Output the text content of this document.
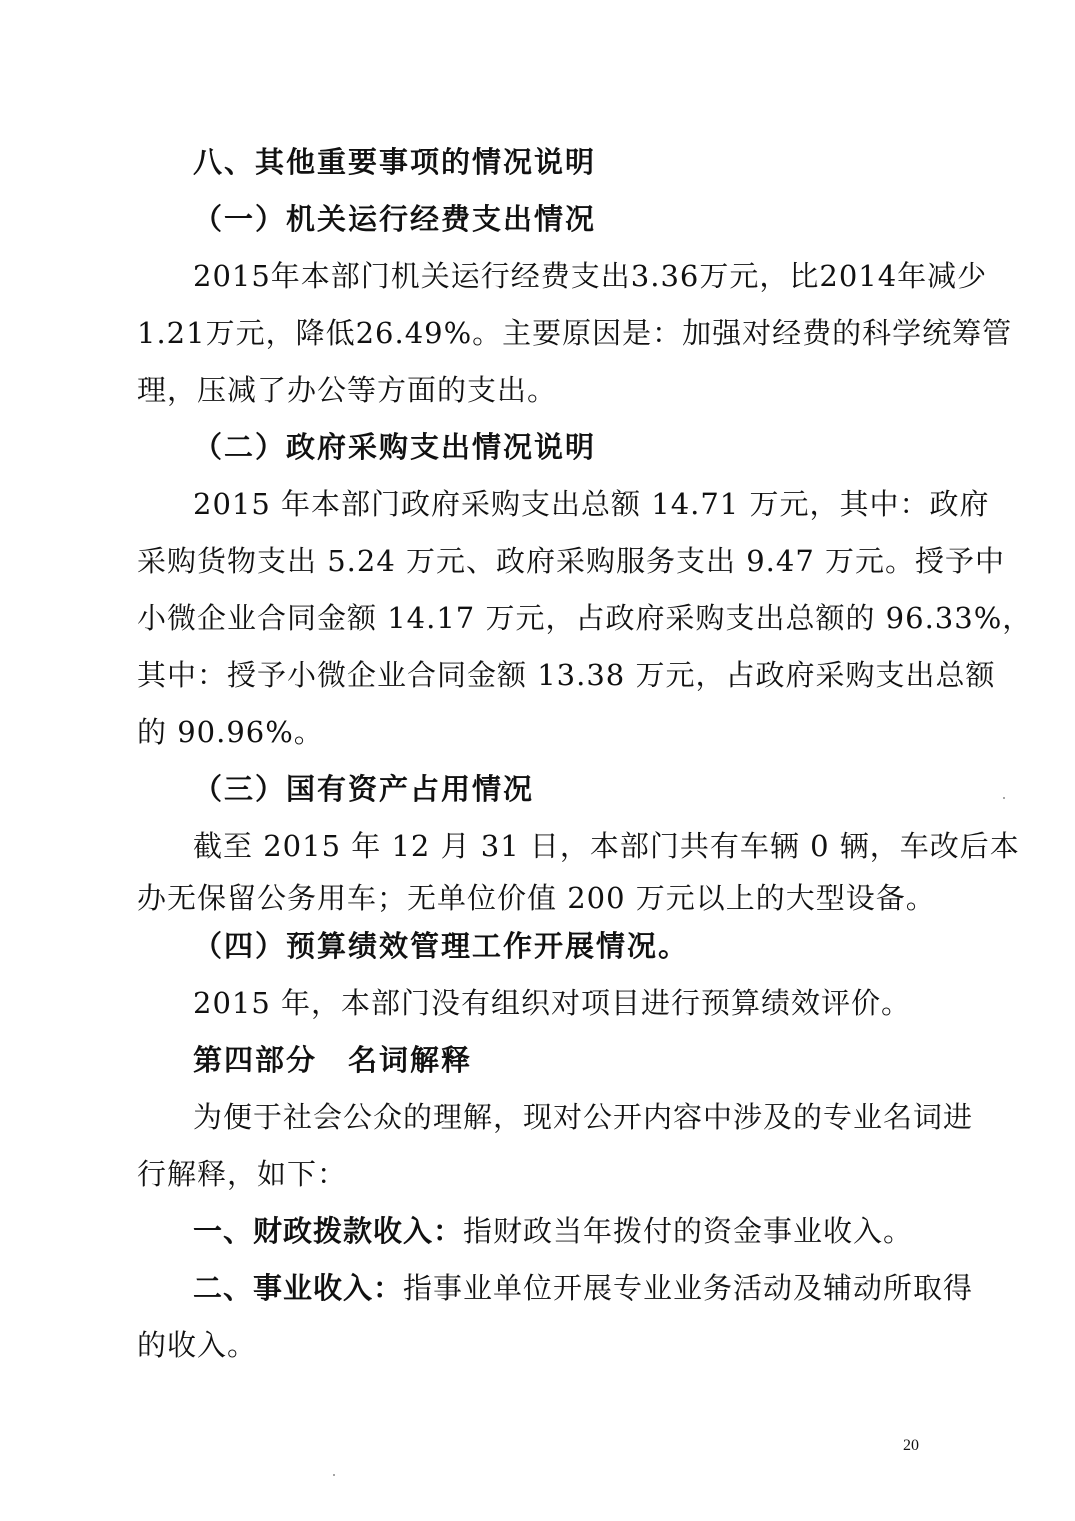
八、其他重要事项的情况说明
（一）机关运行经费支出情况
2015年本部门机关运行经费支出3.36万元，比2014年减少
1.21万元，降低26.49%。主要原因是：加强对经费的科学统筹管
理，压减了办公等方面的支出。
（二）政府采购支出情况说明
2015 年本部门政府采购支出总额 14.71 万元，其中：政府
采购货物支出 5.24 万元、政府采购服务支出 9.47 万元。授予中
小微企业合同金额 14.17 万元，占政府采购支出总额的 96.33%，
其中：授予小微企业合同金额 13.38 万元，占政府采购支出总额
的 90.96%。
（三）国有资产占用情况
截至 2015 年 12 月 31 日，本部门共有车辆 0 辆，车改后本
办无保留公务用车；无单位价值 200 万元以上的大型设备。
（四）预算绩效管理工作开展情况。
2015 年，本部门没有组织对项目进行预算绩效评价。
第四部分　名词解释
为便于社会公众的理解，现对公开内容中涉及的专业名词进
行解释，如下：
一、财政拨款收入：指财政当年拨付的资金事业收入。
二、事业收入：指事业单位开展专业业务活动及辅动所取得
的收入。
20
